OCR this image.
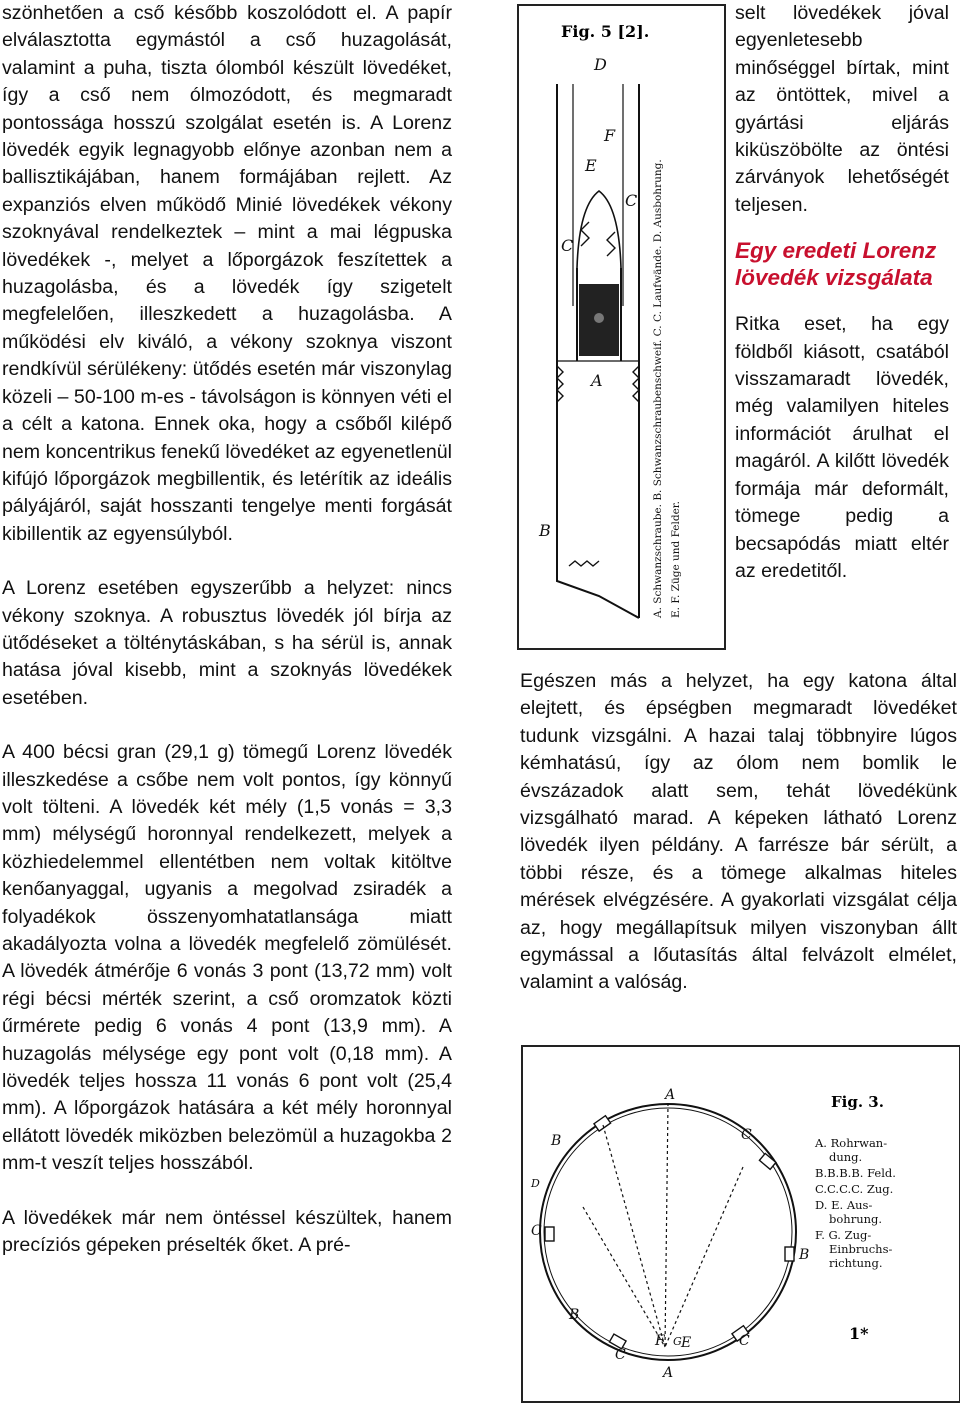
szönhetően a cső később koszolódott el. A papír elválasztotta egymástól a cső huzagolását, valamint a puha, tiszta ólomból készült lövedéket, így a cső nem ólmozódott, és megmaradt pontossága hosszú szolgálat esetén is. A Lorenz lövedék egyik legnagyobb előnye azonban nem a ballisztikájában, hanem formájában rejlett. Az expanziós elven működő Minié lövedékek vékony szoknyával rendelkeztek – mint a mai légpuska lövedékek -, melyet a lőporgázok feszítettek a huzagolásba, és a lövedék így szigetelt megfelelően, illeszkedett a huzagolásba. A működési elv kiváló, a vékony szoknya viszont rendkívül sérülékeny: ütődés esetén már viszonylag közeli – 50-100 m-es - távolságon is könnyen véti el a célt a katona. Ennek oka, hogy a csőből kilépő nem koncentrikus fenekű lövedéket az egyenetlenül kifújó lőporgázok megbillentik, és letérítik az ideális pályájáról, saját hosszanti tengelye menti forgását kibillentik az egyensúlyból.

A Lorenz esetében egyszerűbb a helyzet: nincs vékony szoknya. A robusztus lövedék jól bírja az ütődéseket a tölténytáskában, s ha sérül is, annak hatása jóval kisebb, mint a szoknyás lövedékek esetében.

A 400 bécsi gran (29,1 g) tömegű Lorenz lövedék illeszkedése a csőbe nem volt pontos, így könnyű volt tölteni. A lövedék két mély (1,5 vonás = 3,3 mm) mélységű horonnyal rendelkezett, melyek a közhiedelemmel ellentétben nem voltak kitöltve kenőanyaggal, ugyanis a megolvad zsiradék a folyadékok összenyomhatatlansága miatt akadályozta volna a lövedék megfelelő zömülését. A lövedék átmérője 6 vonás 3 pont (13,72 mm) volt régi bécsi mérték szerint, a cső oromzatok közti űrmérete pedig 6 vonás 4 pont (13,9 mm). A huzagolás mélysége egy pont volt (0,18 mm). A lövedék teljes hossza 11 vonás 6 pont volt (25,4 mm). A lőporgázok hatására a két mély horonnyal ellátott lövedék miközben belezömül a huzagokba 2 mm-t veszít teljes hosszából.

A lövedékek már nem öntéssel készültek, hanem precíziós gépeken préselték őket. A pré-

Fig. 5 [2].
D
E
F
C
C
A
B	A. Schwanzschraube. B. Schwanzschraubenschweif. C. C. Laufwände. D. Ausbohrung. E. F. Züge und Felder.

selt lövedékek jóval egyenletesebb minőséggel bírtak, mint az öntöttek, mivel a gyártási eljárás kiküszöbölte az öntési zárványok lehetőségét teljesen.

Egy eredeti Lorenz lövedék vizsgálata

Ritka eset, ha egy földből kiásott, csatából visszamaradt lövedék, még valamilyen hiteles információt árulhat el magáról. A kilőtt lövedék formája már deformált, tömege pedig a becsapódás miatt eltér az eredetitől.

Egészen más a helyzet, ha egy katona által elejtett, és épségben megmaradt lövedéket tudunk vizsgálni. A hazai talaj többnyire lúgos kémhatású, így az ólom nem bomlik le évszázadok alatt sem, tehát lövedékünk vizsgálható marad. A képeken látható Lorenz lövedék ilyen példány. A farrésze bár sérült, a többi része, és a tömege alkalmas hiteles mérések elvégzésére. A gyakorlati vizsgálat célja az, hogy megállapítsuk milyen viszonyban állt egymással a lőutasítás által felvázolt elmélet, valamint a valóság.

Fig. 3.
A. Rohrwan-
dung.
B.B.B.B. Feld.
C.C.C.C. Zug.
D. E. Aus-
bohrung.
F. G. Zug-
Einbruchs-
richtung.
A
B	C
C
B
C
B
C
E
F
A
G
D
1*
